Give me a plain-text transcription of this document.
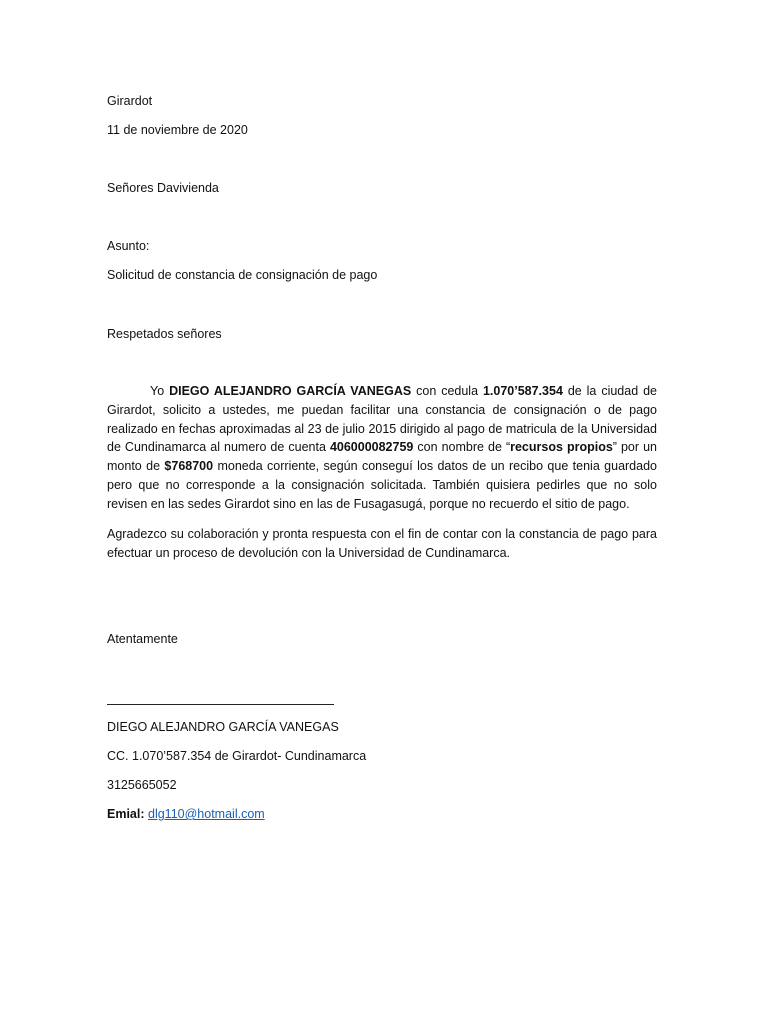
Girardot
11 de noviembre de 2020
Señores Davivienda
Asunto:
Solicitud de constancia de consignación de pago
Respetados señores
Yo DIEGO ALEJANDRO GARCÍA VANEGAS con cedula 1.070’587.354 de la ciudad de Girardot, solicito a ustedes, me puedan facilitar una constancia de consignación o de pago realizado en fechas aproximadas al 23 de julio 2015 dirigido al pago de matricula de la Universidad de Cundinamarca al numero de cuenta 406000082759 con nombre de “recursos propios” por un monto de $768700 moneda corriente, según conseguí los datos de un recibo que tenia guardado pero que no corresponde a la consignación solicitada. También quisiera pedirles que no solo revisen en las sedes Girardot sino en las de Fusagasugá, porque no recuerdo el sitio de pago.
Agradezco su colaboración y pronta respuesta con el fin de contar con la constancia de pago para efectuar un proceso de devolución con la Universidad de Cundinamarca.
Atentamente
DIEGO ALEJANDRO GARCÍA VANEGAS
CC. 1.070’587.354 de Girardot- Cundinamarca
3125665052
Emial: dlg110@hotmail.com
